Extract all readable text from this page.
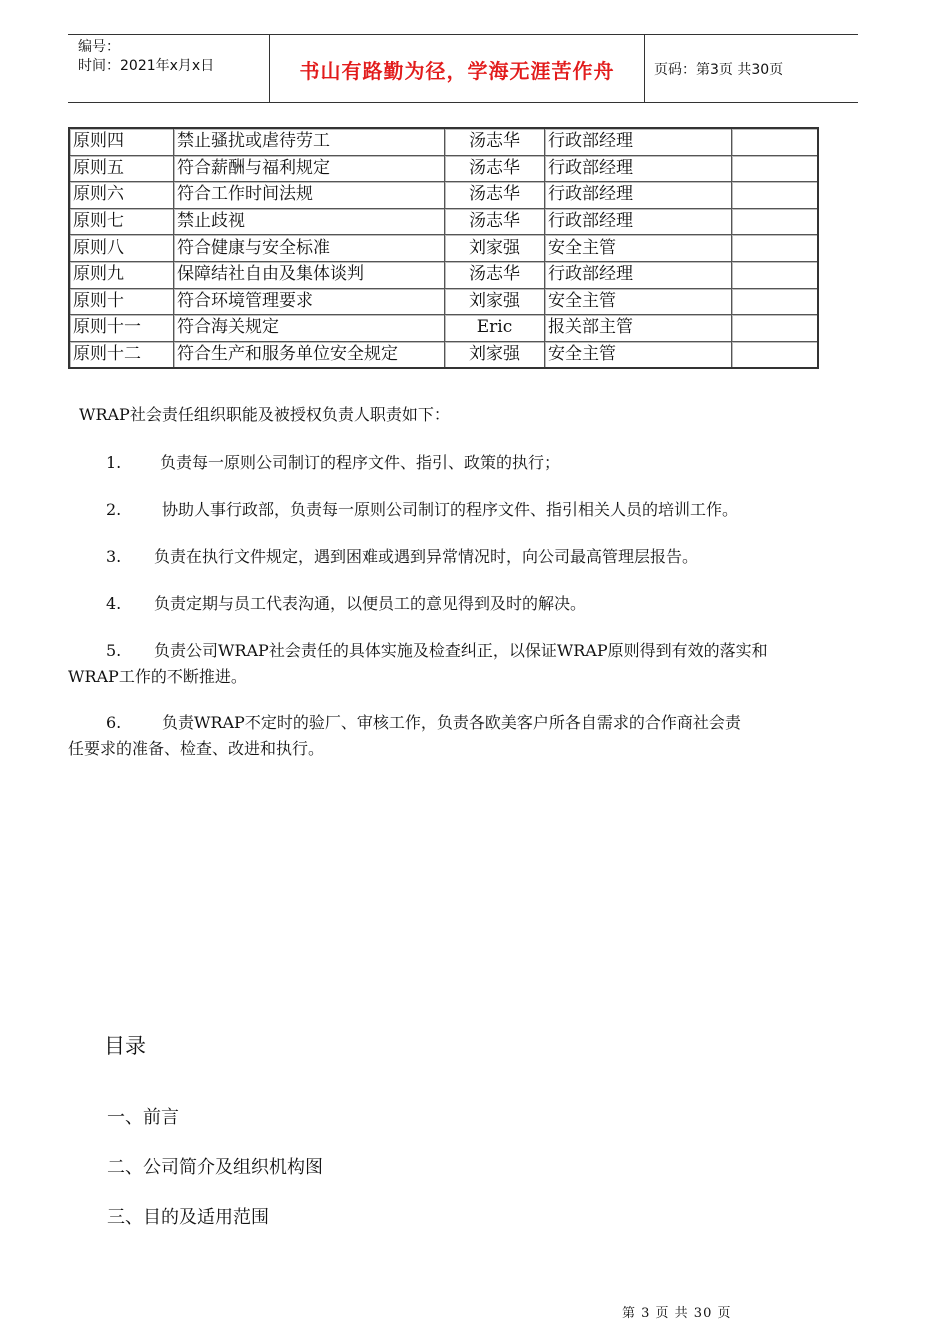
编号：
时间：2021年x月x日	书山有路勤为径，学海无涯苦作舟	页码：第3页 共30页
原则四	禁止骚扰或虐待劳工	汤志华	行政部经理	
原则五	符合薪酬与福利规定	汤志华	行政部经理	
原则六	符合工作时间法规	汤志华	行政部经理	
原则七	禁止歧视	汤志华	行政部经理	
原则八	符合健康与安全标准	刘家强	安全主管	
原则九	保障结社自由及集体谈判	汤志华	行政部经理	
原则十	符合环境管理要求	刘家强	安全主管	
原则十一	符合海关规定	Eric	报关部主管	
原则十二	符合生产和服务单位安全规定	刘家强	安全主管	
WRAP社会责任组织职能及被授权负责人职责如下：
1. 负责每一原则公司制订的程序文件、指引、政策的执行；
2.	协助人事行政部，负责每一原则公司制订的程序文件、指引相关人员的培训工作。
3. 负责在执行文件规定，遇到困难或遇到异常情况时，向公司最高管理层报告。
4. 负责定期与员工代表沟通，以便员工的意见得到及时的解决。
5. 负责公司WRAP社会责任的具体实施及检查纠正，以保证WRAP原则得到有效的落实和
WRAP工作的不断推进。
6.	负责WRAP不定时的验厂、审核工作，负责各欧美客户所各自需求的合作商社会责
任要求的准备、检查、改进和执行。
目录
一、前言
二、公司简介及组织机构图
三、目的及适用范围
第 3 页 共 30 页
